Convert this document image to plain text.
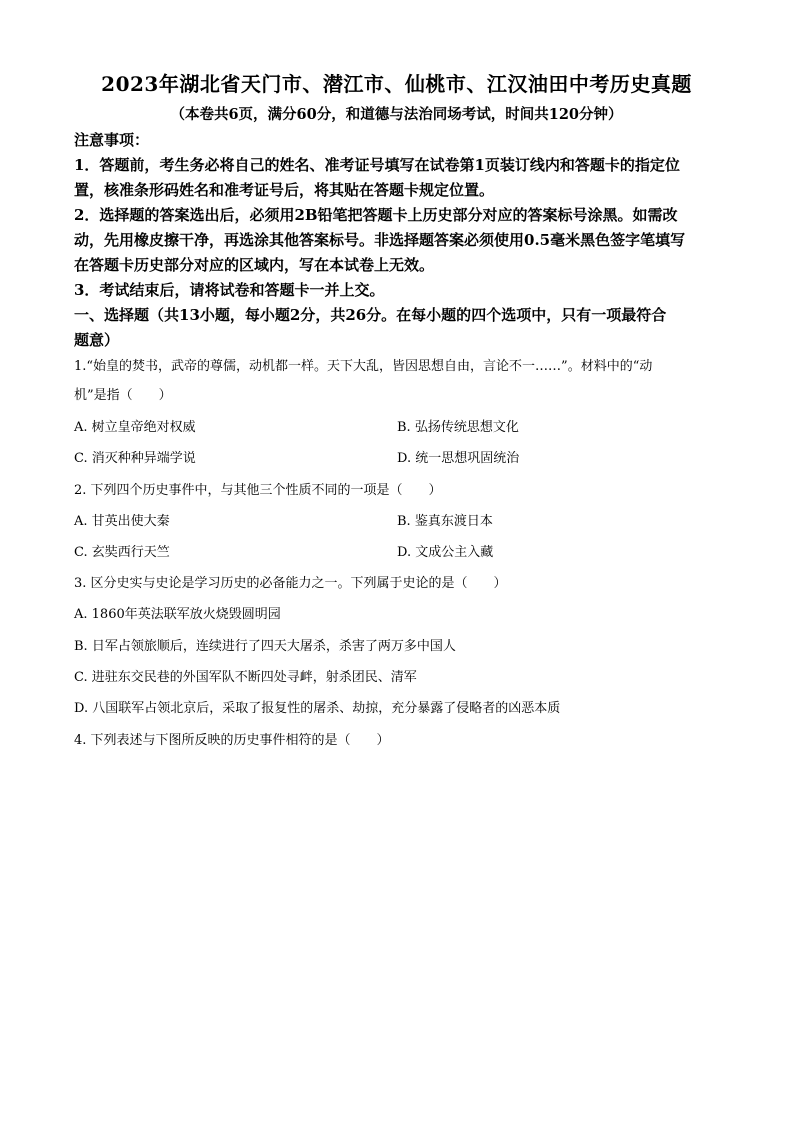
2023年湖北省天门市、潜江市、仙桃市、江汉油田中考历史真题
（本卷共6页，满分60分，和道德与法治同场考试，时间共120分钟）
注意事项：
1．答题前，考生务必将自己的姓名、准考证号填写在试卷第1页装订线内和答题卡的指定位
置，核准条形码姓名和准考证号后，将其贴在答题卡规定位置。
2．选择题的答案选出后，必须用2B铅笔把答题卡上历史部分对应的答案标号涂黑。如需改
动，先用橡皮擦干净，再选涂其他答案标号。非选择题答案必须使用0.5毫米黑色签字笔填写
在答题卡历史部分对应的区域内，写在本试卷上无效。
3．考试结束后，请将试卷和答题卡一并上交。
一、选择题（共13小题，每小题2分，共26分。在每小题的四个选项中，只有一项最符合
题意）
1.“始皇的焚书，武帝的尊儒，动机都一样。天下大乱，皆因思想自由，言论不一……”。材料中的“动
机”是指（　　）
A. 树立皇帝绝对权威	B. 弘扬传统思想文化
C. 消灭种种异端学说	D. 统一思想巩固统治
2. 下列四个历史事件中，与其他三个性质不同的一项是（　　）
A. 甘英出使大秦	B. 鉴真东渡日本
C. 玄奘西行天竺	D. 文成公主入藏
3. 区分史实与史论是学习历史的必备能力之一。下列属于史论的是（　　）
A. 1860年英法联军放火烧毁圆明园
B. 日军占领旅顺后，连续进行了四天大屠杀，杀害了两万多中国人
C. 进驻东交民巷的外国军队不断四处寻衅，射杀团民、清军
D. 八国联军占领北京后，采取了报复性的屠杀、劫掠，充分暴露了侵略者的凶恶本质
4. 下列表述与下图所反映的历史事件相符的是（　　）
